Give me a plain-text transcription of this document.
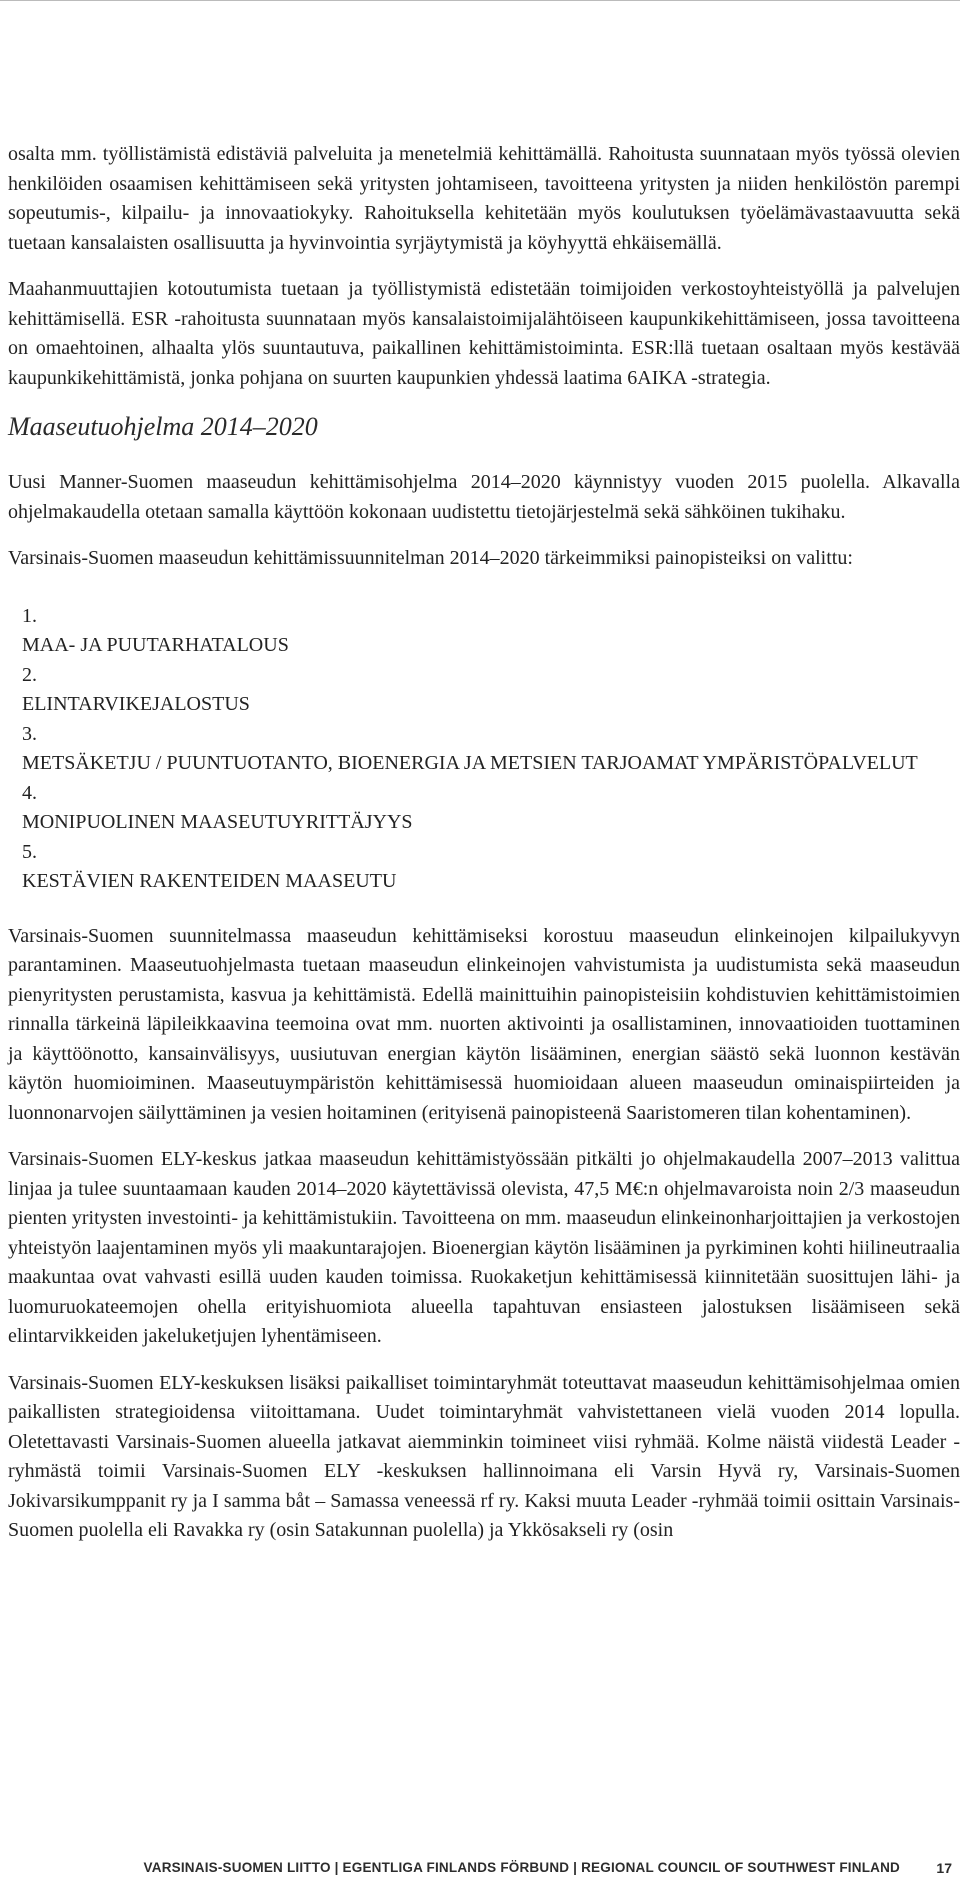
osalta mm. työllistämistä edistäviä palveluita ja menetelmiä kehittämällä. Rahoitusta suunnataan myös työssä olevien henkilöiden osaamisen kehittämiseen sekä yritysten johtamiseen, tavoitteena yritysten ja niiden henkilöstön parempi sopeutumis-, kilpailu- ja innovaatiokyky. Rahoituksella kehitetään myös koulutuksen työelämävastaavuutta sekä tuetaan kansalaisten osallisuutta ja hyvinvointia syrjäytymistä ja köyhyyttä ehkäisemällä.

Maahanmuuttajien kotoutumista tuetaan ja työllistymistä edistetään toimijoiden verkostoyhteistyöllä ja palvelujen kehittämisellä. ESR -rahoitusta suunnataan myös kansalaistoimijalähtöiseen kaupunkikehittämiseen, jossa tavoitteena on omaehtoinen, alhaalta ylös suuntautuva, paikallinen kehittämistoiminta. ESR:llä tuetaan osaltaan myös kestävää kaupunkikehittämistä, jonka pohjana on suurten kaupunkien yhdessä laatima 6AIKA -strategia.

Maaseutuohjelma 2014–2020

Uusi Manner-Suomen maaseudun kehittämisohjelma 2014–2020 käynnistyy vuoden 2015 puolella. Alkavalla ohjelmakaudella otetaan samalla käyttöön kokonaan uudistettu tietojärjestelmä sekä sähköinen tukihaku.

Varsinais-Suomen maaseudun kehittämissuunnitelman 2014–2020 tärkeimmiksi painopisteiksi on valittu:

1.MAA- JA PUUTARHATALOUS
2.ELINTARVIKEJALOSTUS
3.METSÄKETJU / PUUNTUOTANTO, BIOENERGIA JA METSIEN TARJOAMAT YMPÄRISTÖPALVELUT
4.MONIPUOLINEN MAASEUTUYRITTÄJYYS
5.KESTÄVIEN RAKENTEIDEN MAASEUTU

Varsinais-Suomen suunnitelmassa maaseudun kehittämiseksi korostuu maaseudun elinkeinojen kilpailukyvyn parantaminen. Maaseutuohjelmasta tuetaan maaseudun elinkeinojen vahvistumista ja uudistumista sekä maaseudun pienyritysten perustamista, kasvua ja kehittämistä. Edellä mainittuihin painopisteisiin kohdistuvien kehittämistoimien rinnalla tärkeinä läpileikkaavina teemoina ovat mm. nuorten aktivointi ja osallistaminen, innovaatioiden tuottaminen ja käyttöönotto, kansainvälisyys, uusiutuvan energian käytön lisääminen, energian säästö sekä luonnon kestävän käytön huomioiminen. Maaseutuympäristön kehittämisessä huomioidaan alueen maaseudun ominaispiirteiden ja luonnonarvojen säilyttäminen ja vesien hoitaminen (erityisenä painopisteenä Saaristomeren tilan kohentaminen).

Varsinais-Suomen ELY-keskus jatkaa maaseudun kehittämistyössään pitkälti jo ohjelmakaudella 2007–2013 valittua linjaa ja tulee suuntaamaan kauden 2014–2020 käytettävissä olevista, 47,5 M€:n ohjelmavaroista noin 2/3 maaseudun pienten yritysten investointi- ja kehittämistukiin. Tavoitteena on mm. maaseudun elinkeinonharjoittajien ja verkostojen yhteistyön laajentaminen myös yli maakuntarajojen. Bioenergian käytön lisääminen ja pyrkiminen kohti hiilineutraalia maakuntaa ovat vahvasti esillä uuden kauden toimissa. Ruokaketjun kehittämisessä kiinnitetään suosittujen lähi- ja luomuruokateemojen ohella erityishuomiota alueella tapahtuvan ensiasteen jalostuksen lisäämiseen sekä elintarvikkeiden jakeluketjujen lyhentämiseen.

Varsinais-Suomen ELY-keskuksen lisäksi paikalliset toimintaryhmät toteuttavat maaseudun kehittämisohjelmaa omien paikallisten strategioidensa viitoittamana. Uudet toimintaryhmät vahvistettaneen vielä vuoden 2014 lopulla. Oletettavasti Varsinais-Suomen alueella jatkavat aiemminkin toimineet viisi ryhmää. Kolme näistä viidestä Leader -ryhmästä toimii Varsinais-Suomen ELY -keskuksen hallinnoimana eli Varsin Hyvä ry, Varsinais-Suomen Jokivarsikumppanit ry ja I samma båt – Samassa veneessä rf ry. Kaksi muuta Leader -ryhmää toimii osittain Varsinais-Suomen puolella eli Ravakka ry (osin Satakunnan puolella) ja Ykkösakseli ry (osin

VARSINAIS-SUOMEN LIITTO | EGENTLIGA FINLANDS FÖRBUND | REGIONAL COUNCIL OF SOUTHWEST FINLAND	17
